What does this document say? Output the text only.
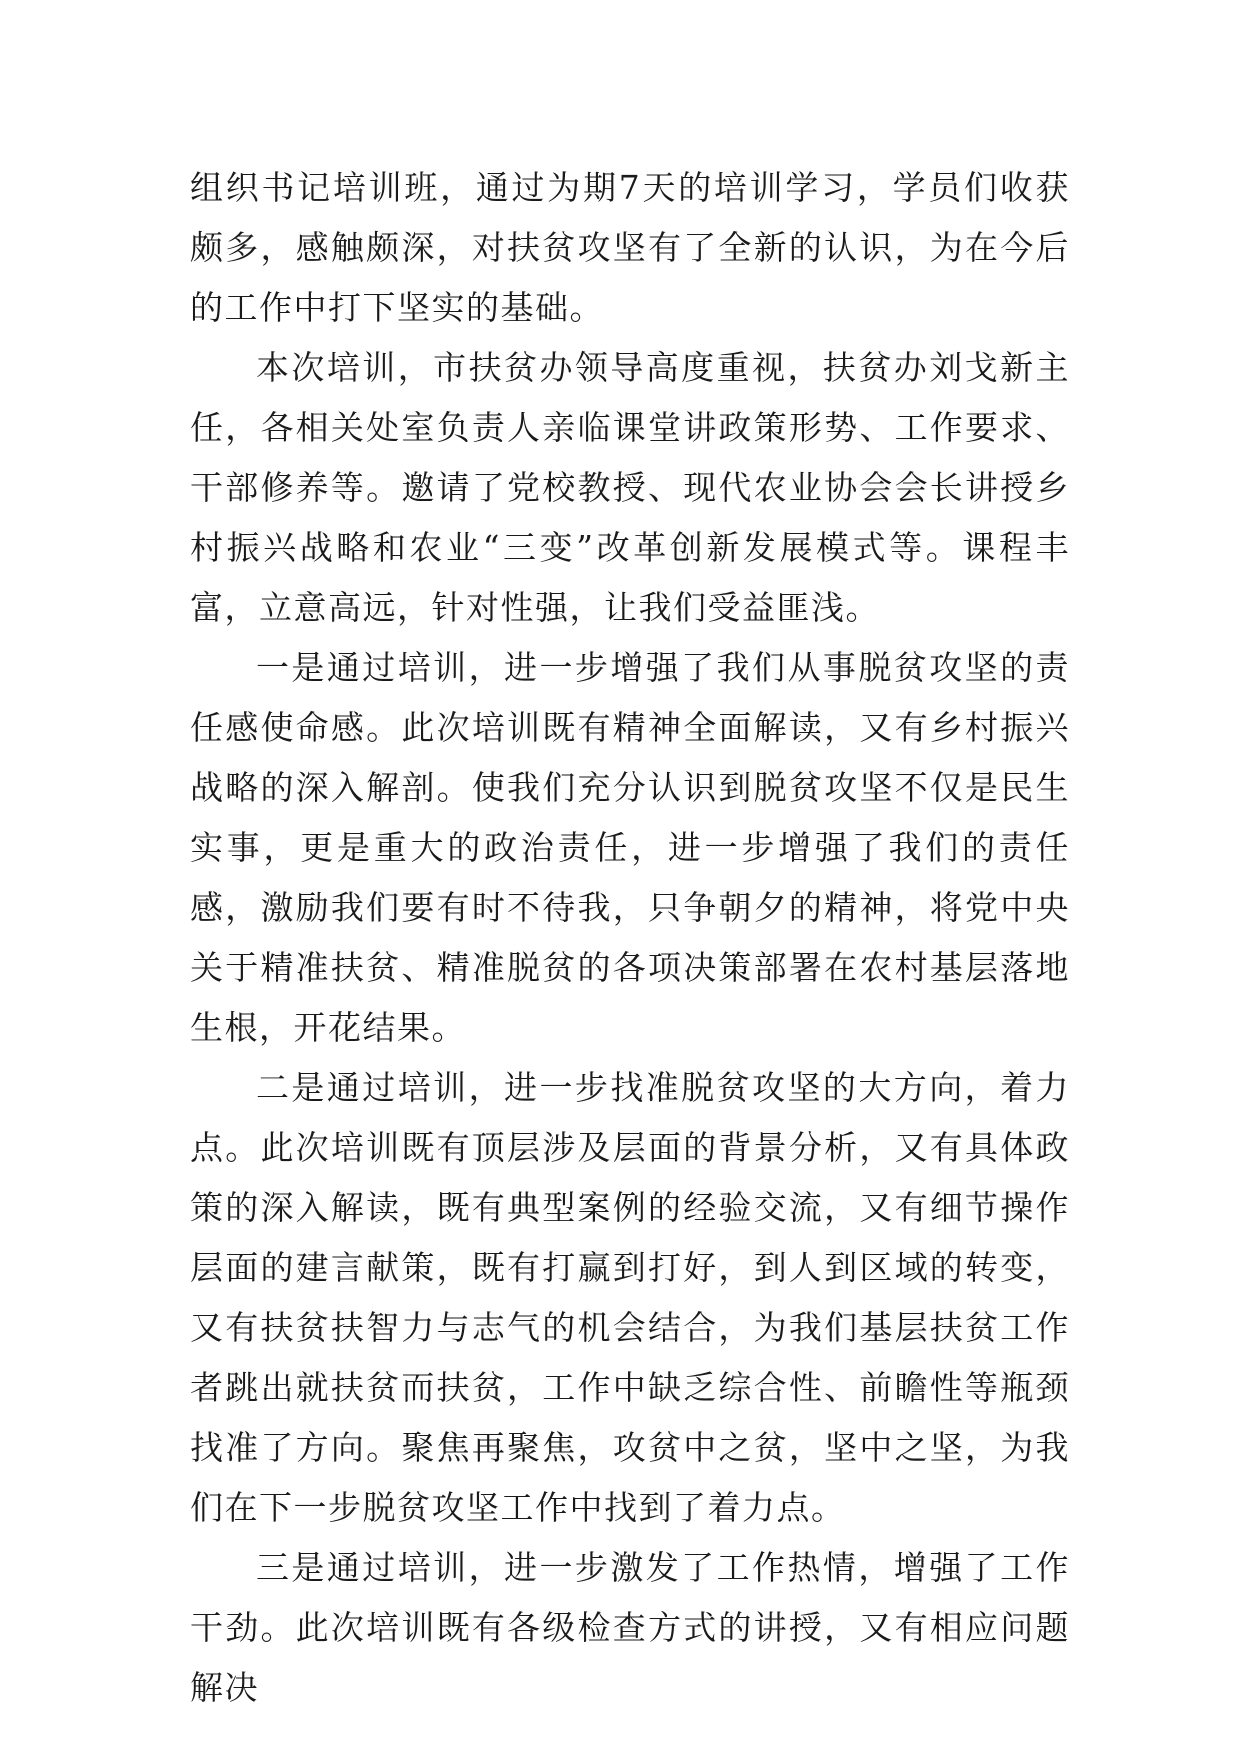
组织书记培训班，通过为期7天的培训学习，学员们收获颇多，感触颇深，对扶贫攻坚有了全新的认识，为在今后的工作中打下坚实的基础。

本次培训，市扶贫办领导高度重视，扶贫办刘戈新主任，各相关处室负责人亲临课堂讲政策形势、工作要求、干部修养等。邀请了党校教授、现代农业协会会长讲授乡村振兴战略和农业“三变”改革创新发展模式等。课程丰富，立意高远，针对性强，让我们受益匪浅。

一是通过培训，进一步增强了我们从事脱贫攻坚的责任感使命感。此次培训既有精神全面解读，又有乡村振兴战略的深入解剖。使我们充分认识到脱贫攻坚不仅是民生实事，更是重大的政治责任，进一步增强了我们的责任感，激励我们要有时不待我，只争朝夕的精神，将党中央关于精准扶贫、精准脱贫的各项决策部署在农村基层落地生根，开花结果。

二是通过培训，进一步找准脱贫攻坚的大方向，着力点。此次培训既有顶层涉及层面的背景分析，又有具体政策的深入解读，既有典型案例的经验交流，又有细节操作层面的建言献策，既有打赢到打好，到人到区域的转变，又有扶贫扶智力与志气的机会结合，为我们基层扶贫工作者跳出就扶贫而扶贫，工作中缺乏综合性、前瞻性等瓶颈找准了方向。聚焦再聚焦，攻贫中之贫，坚中之坚，为我们在下一步脱贫攻坚工作中找到了着力点。

三是通过培训，进一步激发了工作热情，增强了工作干劲。此次培训既有各级检查方式的讲授，又有相应问题解决
